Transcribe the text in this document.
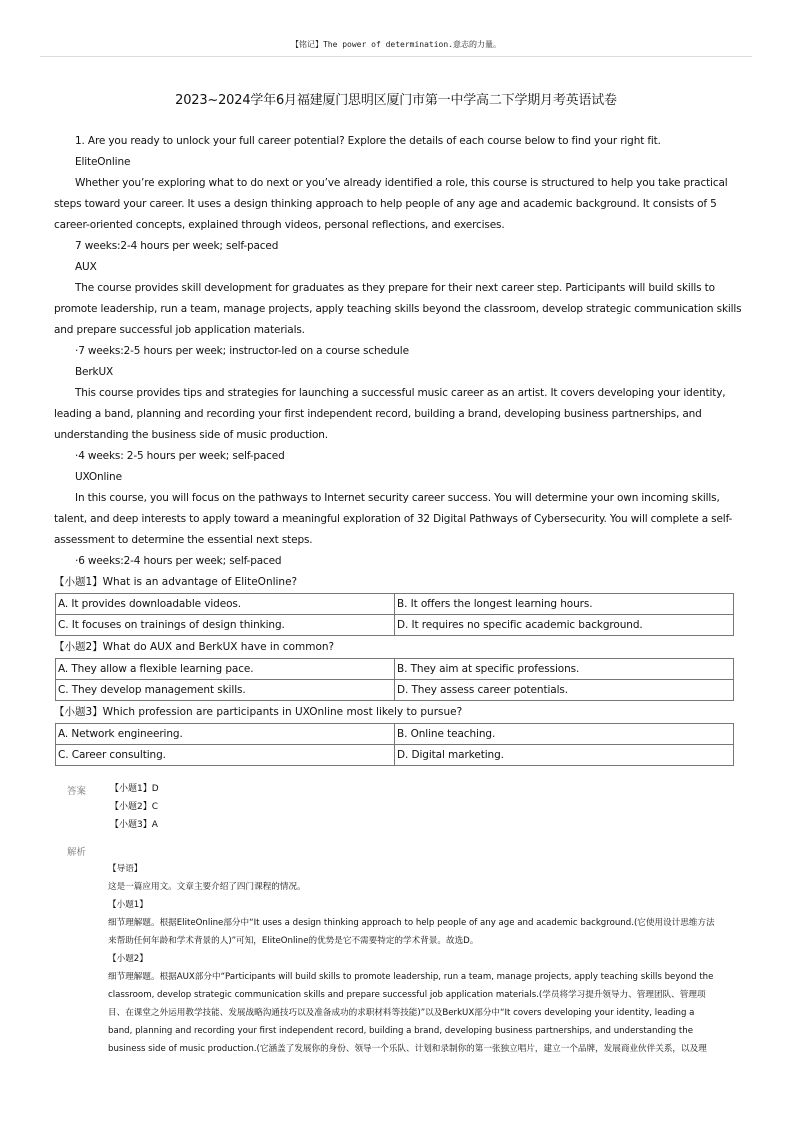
【铭记】The power of determination.意志的力量。
2023~2024学年6月福建厦门思明区厦门市第一中学高二下学期月考英语试卷

1. Are you ready to unlock your full career potential? Explore the details of each course below to find your right fit.

EliteOnline

Whether you’re exploring what to do next or you’ve already identified a role, this course is structured to help you take practical steps toward your career. It uses a design thinking approach to help people of any age and academic background. It consists of 5 career-oriented concepts, explained through videos, personal reflections, and exercises.

7 weeks:2-4 hours per week; self-paced

AUX

The course provides skill development for graduates as they prepare for their next career step. Participants will build skills to promote leadership, run a team, manage projects, apply teaching skills beyond the classroom, develop strategic communication skills and prepare successful job application materials.

·7 weeks:2-5 hours per week; instructor-led on a course schedule

BerkUX

This course provides tips and strategies for launching a successful music career as an artist. It covers developing your identity, leading a band, planning and recording your first independent record, building a brand, developing business partnerships, and understanding the business side of music production.

·4 weeks: 2-5 hours per week; self-paced

UXOnline

In this course, you will focus on the pathways to Internet security career success. You will determine your own incoming skills, talent, and deep interests to apply toward a meaningful exploration of 32 Digital Pathways of Cybersecurity. You will complete a self-assessment to determine the essential next steps.

·6 weeks:2-4 hours per week; self-paced

【小题1】What is an advantage of EliteOnline?
A. It provides downloadable videos.	B. It offers the longest learning hours.
C. It focuses on trainings of design thinking.	D. It requires no specific academic background.
【小题2】What do AUX and BerkUX have in common?
A. They allow a flexible learning pace.	B. They aim at specific professions.
C. They develop management skills.	D. They assess career potentials.
【小题3】Which profession are participants in UXOnline most likely to pursue?
A. Network engineering.	B. Online teaching.
C. Career consulting.	D. Digital marketing.
答案	【小题1】D
【小题2】C
【小题3】A
解析

【导语】

这是一篇应用文。文章主要介绍了四门课程的情况。

【小题1】

细节理解题。根据EliteOnline部分中“It uses a design thinking approach to help people of any age and academic background.(它使用设计思维方法来帮助任何年龄和学术背景的人)”可知，EliteOnline的优势是它不需要特定的学术背景。故选D。

【小题2】

细节理解题。根据AUX部分中“Participants will build skills to promote leadership, run a team, manage projects, apply teaching skills beyond the classroom, develop strategic communication skills and prepare successful job application materials.(学员将学习提升领导力、管理团队、管理项目、在课堂之外运用教学技能、发展战略沟通技巧以及准备成功的求职材料等技能)”以及BerkUX部分中“It covers developing your identity, leading a band, planning and recording your first independent record, building a brand, developing business partnerships, and understanding the business side of music production.(它涵盖了发展你的身份、领导一个乐队、计划和录制你的第一张独立唱片，建立一个品牌，发展商业伙伴关系，以及理
